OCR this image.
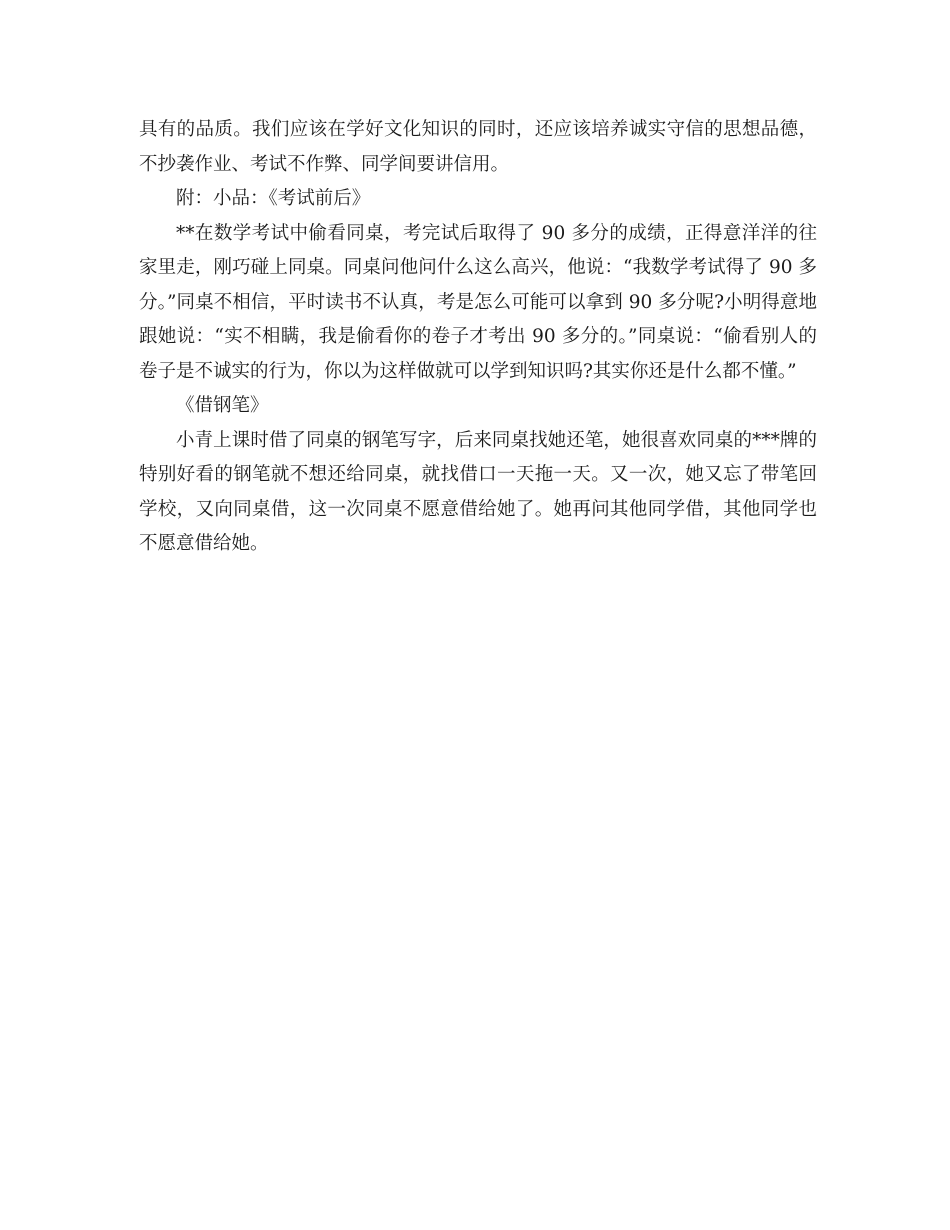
具有的品质。我们应该在学好文化知识的同时，还应该培养诚实守信的思想品德，不抄袭作业、考试不作弊、同学间要讲信用。

附：小品：《考试前后》

**在数学考试中偷看同桌，考完试后取得了 90 多分的成绩，正得意洋洋的往家里走，刚巧碰上同桌。同桌问他问什么这么高兴，他说：“我数学考试得了 90 多分。”同桌不相信，平时读书不认真，考是怎么可能可以拿到 90 多分呢?小明得意地跟她说：“实不相瞒，我是偷看你的卷子才考出 90 多分的。”同桌说：“偷看别人的卷子是不诚实的行为，你以为这样做就可以学到知识吗?其实你还是什么都不懂。”

《借钢笔》

小青上课时借了同桌的钢笔写字，后来同桌找她还笔，她很喜欢同桌的***牌的特别好看的钢笔就不想还给同桌，就找借口一天拖一天。又一次，她又忘了带笔回学校，又向同桌借，这一次同桌不愿意借给她了。她再问其他同学借，其他同学也不愿意借给她。
